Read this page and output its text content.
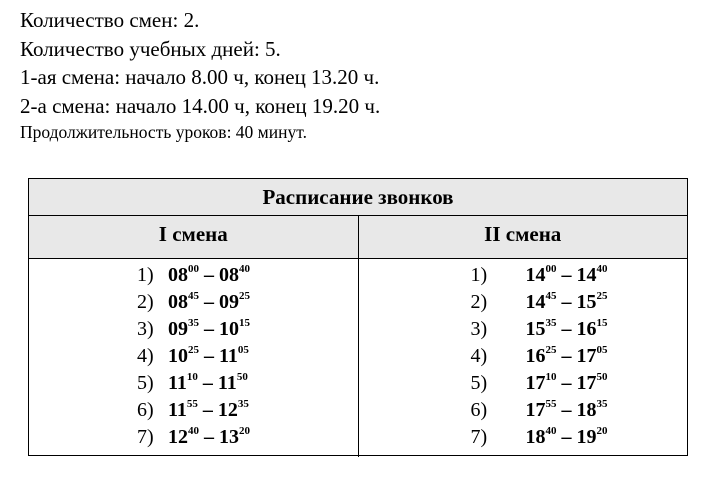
Количество смен: 2.
Количество учебных дней: 5.
1-ая смена: начало 8.00 ч, конец 13.20 ч.
2-а смена: начало 14.00 ч, конец 19.20 ч.
Продолжительность уроков: 40 минут.
Расписание звонков
I смена	II смена
1) $08^{00} - 08^{40}$
2) $08^{45} - 09^{25}$
3) $09^{35} - 10^{15}$
4) $10^{25} - 11^{05}$
5) $11^{10} - 11^{50}$
6) $11^{55} - 12^{35}$
7) $12^{40} - 13^{20}$
1) $14^{00} - 14^{40}$
2) $14^{45} - 15^{25}$
3) $15^{35} - 16^{15}$
4) $16^{25} - 17^{05}$
5) $17^{10} - 17^{50}$
6) $17^{55} - 18^{35}$
7) $18^{40} - 19^{20}$
